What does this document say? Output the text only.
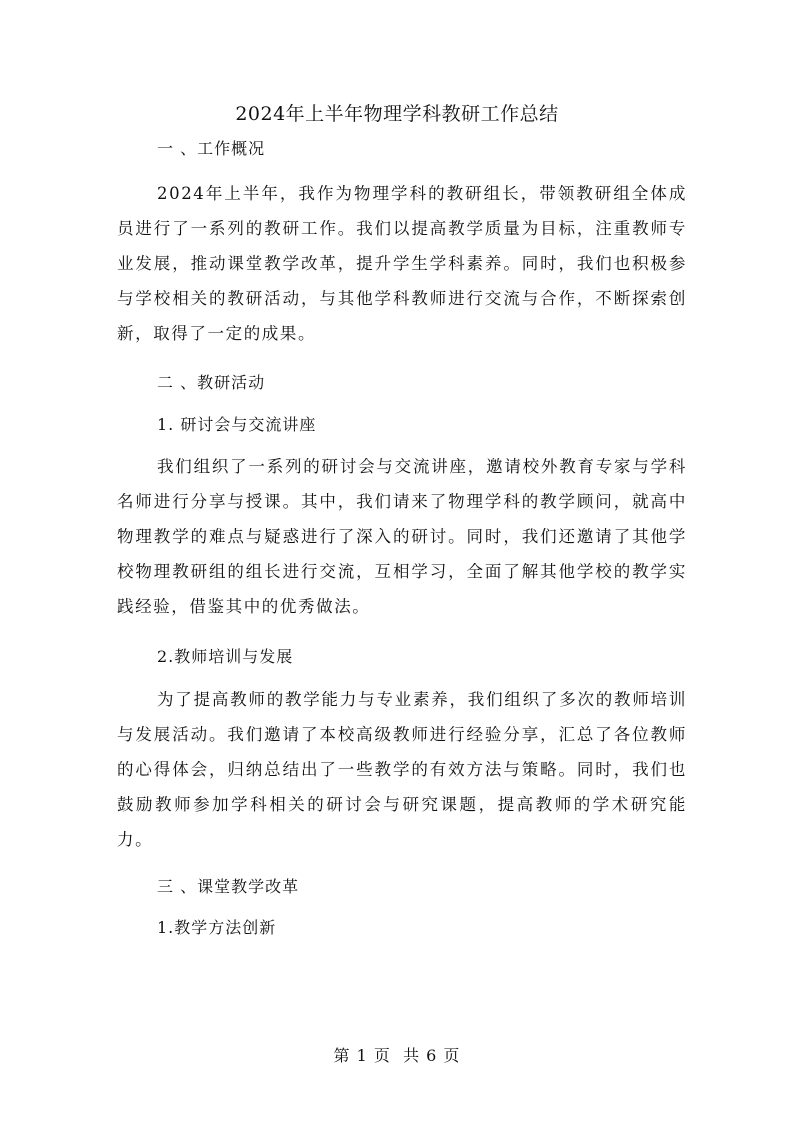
2024年上半年物理学科教研工作总结
一 、工作概况
2024年上半年，我作为物理学科的教研组长，带领教研组全体成员进行了一系列的教研工作。我们以提高教学质量为目标，注重教师专业发展，推动课堂教学改革，提升学生学科素养。同时，我们也积极参与学校相关的教研活动，与其他学科教师进行交流与合作，不断探索创新，取得了一定的成果。
二 、教研活动
1. 研讨会与交流讲座
我们组织了一系列的研讨会与交流讲座，邀请校外教育专家与学科名师进行分享与授课。其中，我们请来了物理学科的教学顾问，就高中物理教学的难点与疑惑进行了深入的研讨。同时，我们还邀请了其他学校物理教研组的组长进行交流，互相学习，全面了解其他学校的教学实践经验，借鉴其中的优秀做法。
2.教师培训与发展
为了提高教师的教学能力与专业素养，我们组织了多次的教师培训与发展活动。我们邀请了本校高级教师进行经验分享，汇总了各位教师的心得体会，归纳总结出了一些教学的有效方法与策略。同时，我们也鼓励教师参加学科相关的研讨会与研究课题，提高教师的学术研究能力。
三 、课堂教学改革
1.教学方法创新
第 1 页  共 6 页
